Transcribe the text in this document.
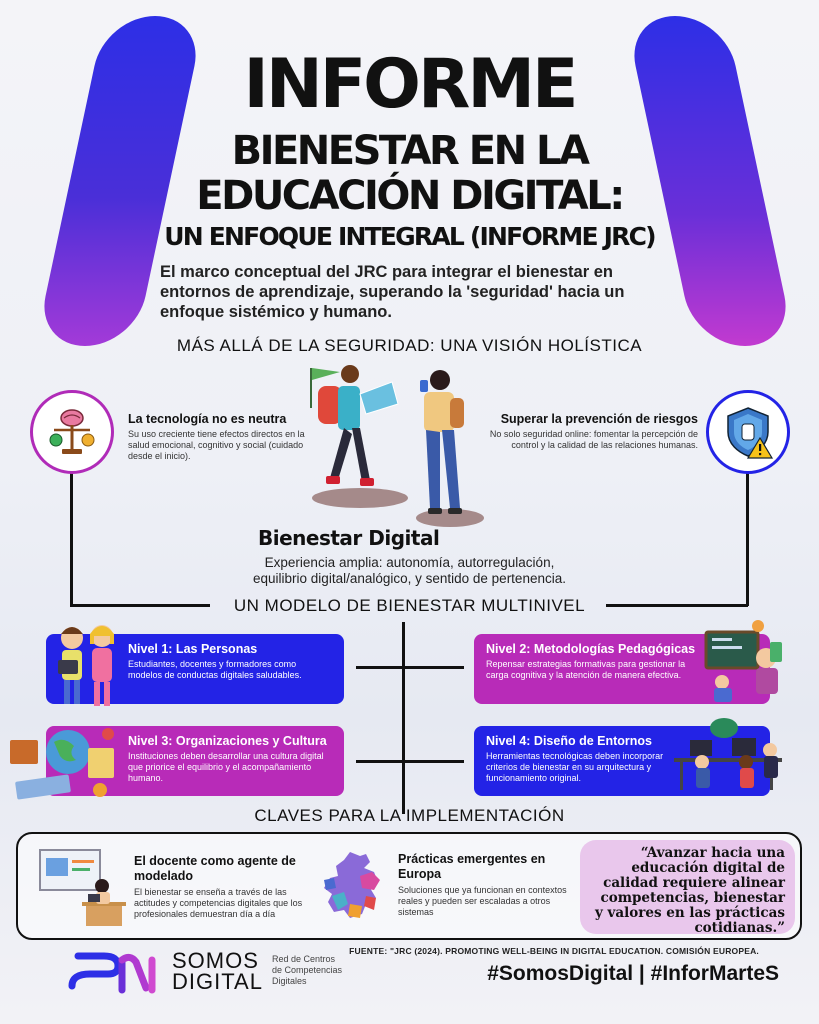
INFORME
BIENESTAR EN LA
EDUCACIÓN DIGITAL:
UN ENFOQUE INTEGRAL (INFORME JRC)
El marco conceptual del JRC para integrar el bienestar en entornos de aprendizaje, superando la 'seguridad' hacia un enfoque sistémico y humano.
MÁS ALLÁ DE LA SEGURIDAD: UNA VISIÓN HOLÍSTICA
La tecnología no es neutra
Su uso creciente tiene efectos directos en la salud emocional, cognitivo y social (cuidado desde el inicio).
Superar la prevención de riesgos
No solo seguridad online: fomentar la percepción de control y la calidad de las relaciones humanas.
Bienestar Digital
Experiencia amplia: autonomía, autorregulación,
equilibrio digital/analógico, y sentido de pertenencia.
UN MODELO DE BIENESTAR MULTINIVEL
Nivel 1: Las Personas
Estudiantes, docentes y formadores como modelos de conductas digitales saludables.
Nivel 2: Metodologías Pedagógicas
Repensar estrategias formativas para gestionar la carga cognitiva y la atención de manera efectiva.
Nivel 3: Organizaciones y Cultura
Instituciones deben desarrollar una cultura digital que priorice el equilibrio y el acompañamiento humano.
Nivel 4: Diseño de Entornos
Herramientas tecnológicas deben incorporar criterios de bienestar en su arquitectura y funcionamiento original.
CLAVES PARA LA IMPLEMENTACIÓN
El docente como agente de modelado
El bienestar se enseña a través de las actitudes y competencias digitales que los profesionales demuestran día a día
Prácticas emergentes en Europa
Soluciones que ya funcionan en contextos reales y pueden ser escaladas a otros sistemas
“Avanzar hacia una educación digital de calidad requiere alinear competencias, bienestar y valores en las prácticas cotidianas.”
FUENTE: "JRC (2024). PROMOTING WELL-BEING IN DIGITAL EDUCATION. COMISIÓN EUROPEA.
#SomosDigital | #InforMarteS
SOMOS
DIGITAL
Red de Centros
de Competencias
Digitales
